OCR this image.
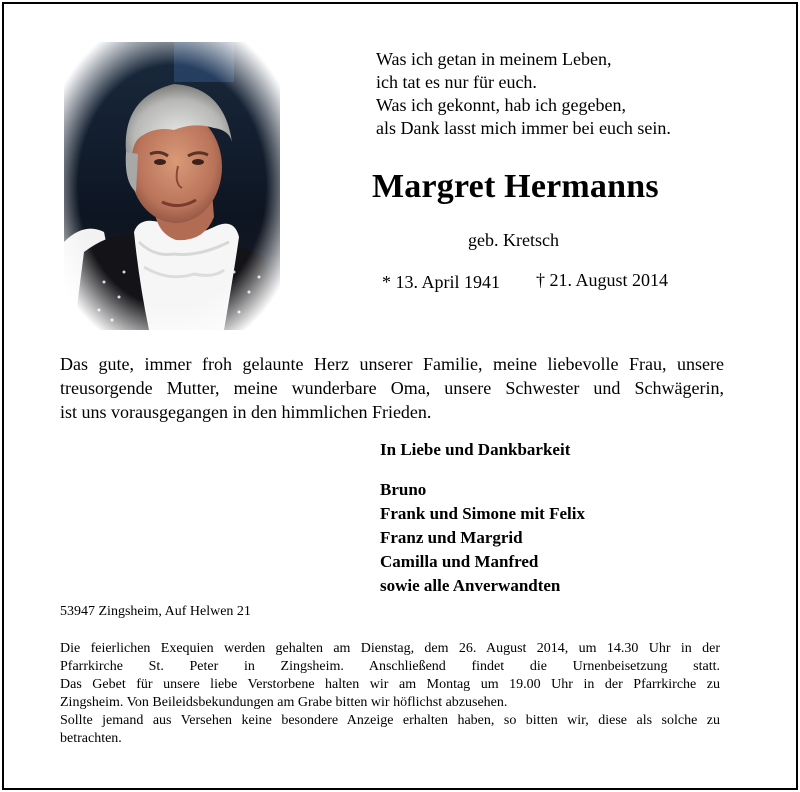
Was ich getan in meinem Leben,
ich tat es nur für euch.
Was ich gekonnt, hab ich gegeben,
als Dank lasst mich immer bei euch sein.
Margret Hermanns
geb. Kretsch
* 13. April 1941 † 21. August 2014
Das gute, immer froh gelaunte Herz unserer Familie, meine liebevolle Frau, unsere
treusorgende Mutter, meine wunderbare Oma, unsere Schwester und Schwägerin,
ist uns vorausgegangen in den himmlichen Frieden.
In Liebe und Dankbarkeit
Bruno
Frank und Simone mit Felix
Franz und Margrid
Camilla und Manfred
sowie alle Anverwandten
53947 Zingsheim, Auf Helwen 21
Die feierlichen Exequien werden gehalten am Dienstag, dem 26. August 2014, um 14.30 Uhr in der
Pfarrkirche St. Peter in Zingsheim. Anschließend findet die Urnenbeisetzung statt.
Das Gebet für unsere liebe Verstorbene halten wir am Montag um 19.00 Uhr in der Pfarrkirche zu
Zingsheim. Von Beileidsbekundungen am Grabe bitten wir höflichst abzusehen.
Sollte jemand aus Versehen keine besondere Anzeige erhalten haben, so bitten wir, diese als solche zu
betrachten.
